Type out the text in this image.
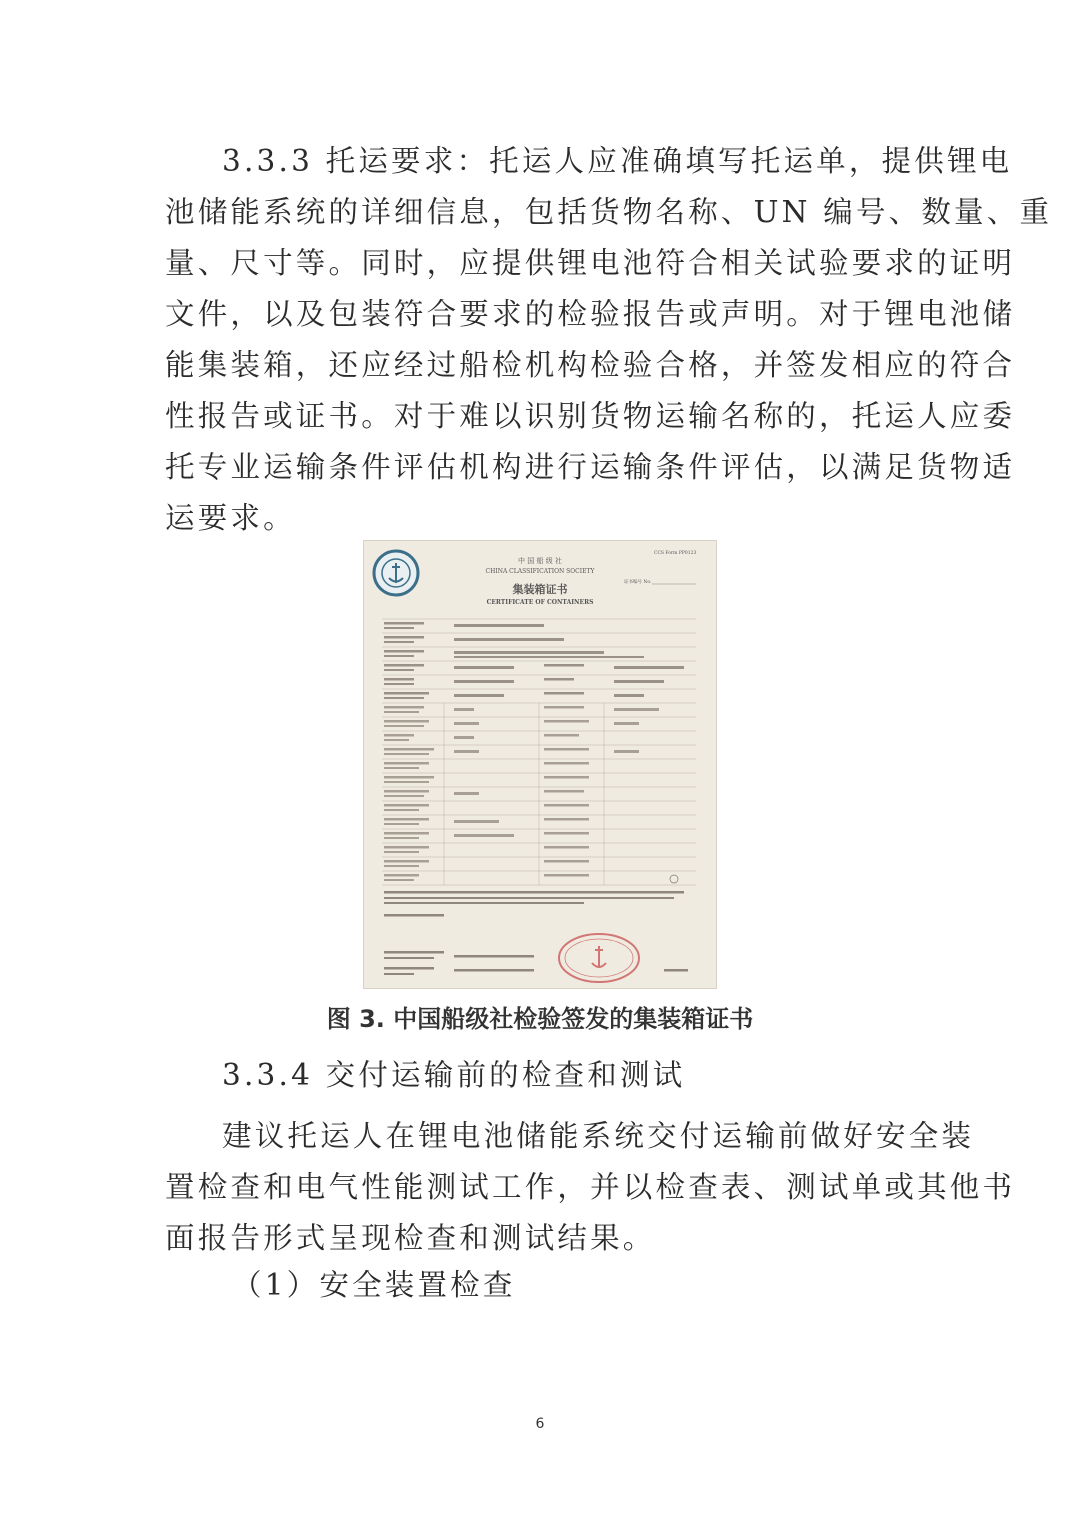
3.3.3 托运要求：托运人应准确填写托运单，提供锂电
池储能系统的详细信息，包括货物名称、UN 编号、数量、重
量、尺寸等。同时，应提供锂电池符合相关试验要求的证明
文件，以及包装符合要求的检验报告或声明。对于锂电池储
能集装箱，还应经过船检机构检验合格，并签发相应的符合
性报告或证书。对于难以识别货物运输名称的，托运人应委
托专业运输条件评估机构进行运输条件评估，以满足货物适
运要求。
CCS Form PP0123
中 国 船 级 社
CHINA CLASSIFICATION SOCIETY
集装箱证书
CERTIFICATE OF CONTAINERS
证书编号 No.
图 3. 中国船级社检验签发的集装箱证书
3.3.4 交付运输前的检查和测试
建议托运人在锂电池储能系统交付运输前做好安全装
置检查和电气性能测试工作，并以检查表、测试单或其他书
面报告形式呈现检查和测试结果。
（1）安全装置检查
6
